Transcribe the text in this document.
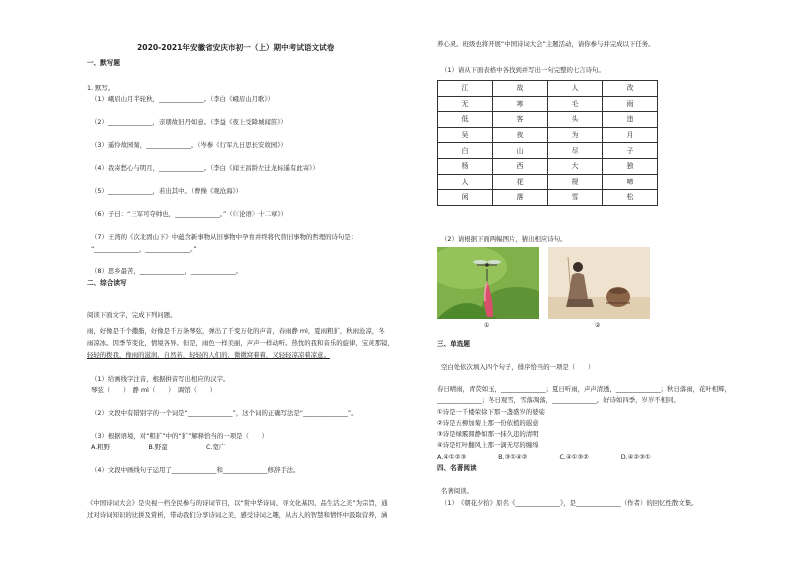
2020-2021年安徽省安庆市初一（上）期中考试语文试卷
一、默写题
1. 默写。
（1）峨眉山月半轮秋，______________。（李白《峨眉山月歌》）
（2）______________，亲朋故旧丹如意。（李益《夜上受降城闻笛》）
（3）遥怜故园菊，______________。（岑参《行军九日思长安故园》）
（4）我寄愁心与明月，______________。（李白《闻王昌龄左迁龙标遥有此寄》）
（5）______________，若出其中。（曹操《观沧海》）
（6）子曰：“三军可夺帅也，______________。”（《〈论语〉十二章》）
（7）王湾的《次北固山下》中蕴含新事物从旧事物中孕育并终将代替旧事物的哲理的诗句是：
“______________，______________。”
（8）思乡最苦，______________，______________。
二、综合读写
阅读下面文字，完成下列问题。
雨，好像是千个撒脂，好像是千万条琴弦，弹出了千变万化的声音，春雨静 mì，夏雨粗犷，秋雨沧凉，冬
雨凉冰。因季节变化，情境各异。但是，雨色一样美丽，声声一样动听。热忱的我和音乐的旋律，宝灵那镜，
轻轻的拨我，像雨的滋润，自然若，轻轻的人们的，微微窝着着，又轻轻凉凉着凉意。
（1）给画线字注音，根据拼音写出相应的汉字。
琴弦（　　）　静 mì（　　）　调馆（　　）
（2）文段中有错别字的一个词是“______________”，这个词的正确写法是“______________”。
（3）根据语境，对“粗犷”中的“犷”解释恰当的一项是（　　）
A.粗野　　　　　　B.野蛮　　　　　　C.宽广
（4）文段中画线句子运用了______________和______________修辞手法。
《中国诗词大会》是央视一档全民参与的诗词节目，以“赏中华诗词、寻文化基因、品生活之美”为宗旨，通
过对诗词知识的比拼及赏析，带动我们分享诗词之美，感受诗词之趣，从古人的智慧和情怀中汲取营养，涵
养心灵。班级也将开展“中国诗词大会”主题活动，请你参与并完成以下任务。
（1）请从下面表格中各找到并写出一句完整的七言诗句。
江	故	人	改
无	寒	毛	雨
低	客	头	违
吴	夜	为	月
白	山	尽	子
杨	西	大	独
人	花	规	啼
闲	落	雪	松
（2）请根据下面两幅图片，猜出相应诗句。
①	②
三、单选题
空白处依次填入四个句子，排序恰当的一项是（　　）
春日晴雨，青荧如玉，______________；夏日听雨，声声清透，______________；秋日落雨，花叶相辉，
______________；冬日观雪，雪落凋落，______________。好诗如四季，岁岁不相同。
①诗是一千楼荣徐下那一盏盛岁的婆娑
②诗是五柳加菊上那一份依植的遐意
③诗是绿霰圆静如那一抹久违的清明
④诗是红叶翻风上那一滴无尽的缠绵
A.④①②③　　　　　B.③①④②　　　　　C.④①③②　　　　　D.④②③①
四、名著阅读
名著阅读。
（1）　《朝花夕拾》原名《______________》，是______________（作者）的回忆性散文集。
